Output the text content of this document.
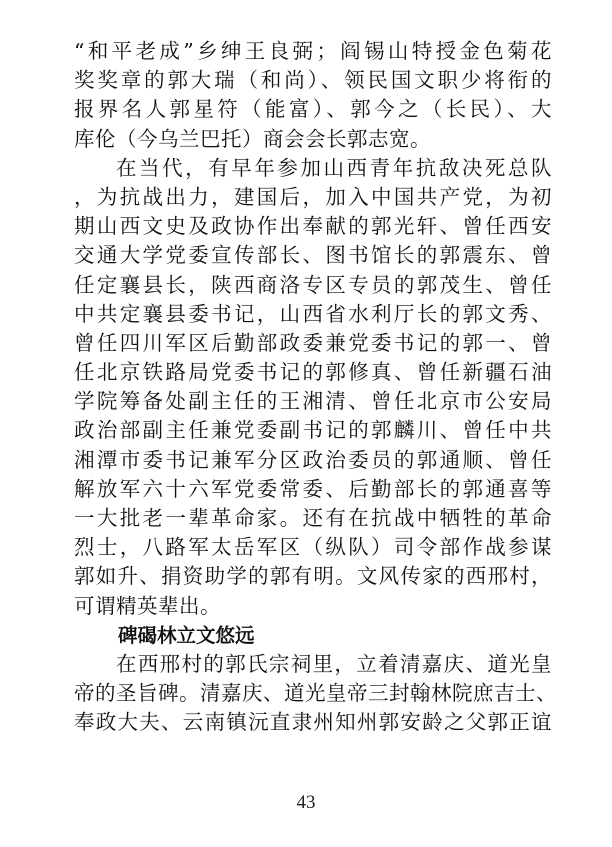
“和平老成”乡绅王良弼；阎锡山特授金色菊花
奖奖章的郭大瑞（和尚）、领民国文职少将衔的
报界名人郭星符（能富）、郭今之（长民）、大
库伦（今乌兰巴托）商会会长郭志宽。
在当代，有早年参加山西青年抗敌决死总队
，为抗战出力，建国后，加入中国共产党，为初
期山西文史及政协作出奉献的郭光轩、曾任西安
交通大学党委宣传部长、图书馆长的郭震东、曾
任定襄县长，陕西商洛专区专员的郭茂生、曾任
中共定襄县委书记，山西省水利厅长的郭文秀、
曾任四川军区后勤部政委兼党委书记的郭一、曾
任北京铁路局党委书记的郭修真、曾任新疆石油
学院筹备处副主任的王湘清、曾任北京市公安局
政治部副主任兼党委副书记的郭麟川、曾任中共
湘潭市委书记兼军分区政治委员的郭通顺、曾任
解放军六十六军党委常委、后勤部长的郭通喜等
一大批老一辈革命家。还有在抗战中牺牲的革命
烈士，八路军太岳军区（纵队）司令部作战参谋
郭如升、捐资助学的郭有明。文风传家的西邢村，
可谓精英辈出。
碑碣林立文悠远
在西邢村的郭氏宗祠里，立着清嘉庆、道光皇
帝的圣旨碑。清嘉庆、道光皇帝三封翰林院庶吉士、
奉政大夫、云南镇沅直隶州知州郭安龄之父郭正谊
43
